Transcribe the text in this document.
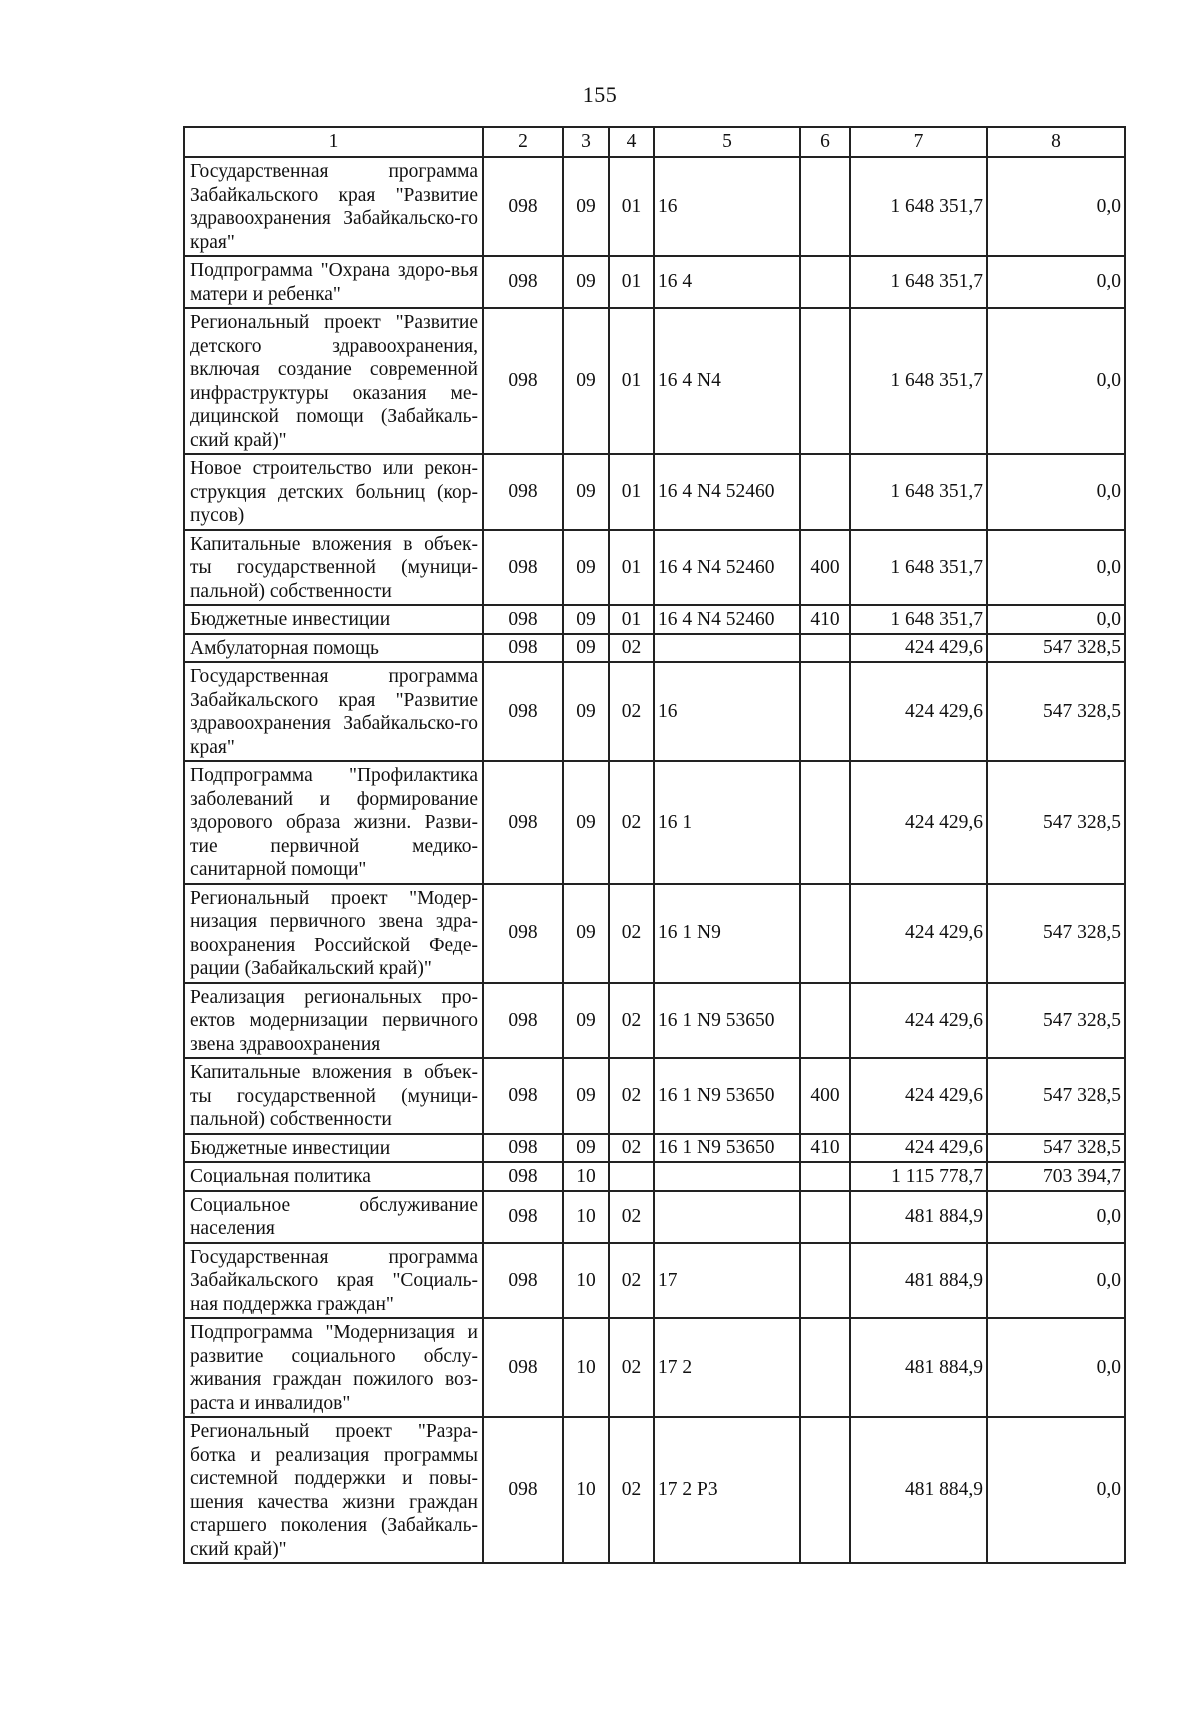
155
1	2	3	4	5	6	7	8
Государственная программа Забайкальского края "Развитие здравоохранения Забайкальско-го края"	098	09	01	16		1 648 351,7	0,0
Подпрограмма "Охрана здоро-вья матери и ребенка"	098	09	01	16 4		1 648 351,7	0,0
Региональный проект "Развитие детского здравоохранения, включая создание современной инфраструктуры оказания ме-дицинской помощи (Забайкаль-ский край)"	098	09	01	16 4 N4		1 648 351,7	0,0
Новое строительство или рекон-струкция детских больниц (кор-пусов)	098	09	01	16 4 N4 52460		1 648 351,7	0,0
Капитальные вложения в объек-ты государственной (муници-пальной) собственности	098	09	01	16 4 N4 52460	400	1 648 351,7	0,0
Бюджетные инвестиции	098	09	01	16 4 N4 52460	410	1 648 351,7	0,0
Амбулаторная помощь	098	09	02			424 429,6	547 328,5
Государственная программа Забайкальского края "Развитие здравоохранения Забайкальско-го края"	098	09	02	16		424 429,6	547 328,5
Подпрограмма "Профилактика заболеваний и формирование здорового образа жизни. Разви-тие первичной медико-санитарной помощи"	098	09	02	16 1		424 429,6	547 328,5
Региональный проект "Модер-низация первичного звена здра-воохранения Российской Феде-рации (Забайкальский край)"	098	09	02	16 1 N9		424 429,6	547 328,5
Реализация региональных про-ектов модернизации первичного звена здравоохранения	098	09	02	16 1 N9 53650		424 429,6	547 328,5
Капитальные вложения в объек-ты государственной (муници-пальной) собственности	098	09	02	16 1 N9 53650	400	424 429,6	547 328,5
Бюджетные инвестиции	098	09	02	16 1 N9 53650	410	424 429,6	547 328,5
Социальная политика	098	10				1 115 778,7	703 394,7
Социальное обслуживание населения	098	10	02			481 884,9	0,0
Государственная программа Забайкальского края "Социаль-ная поддержка граждан"	098	10	02	17		481 884,9	0,0
Подпрограмма "Модернизация и развитие социального обслу-живания граждан пожилого воз-раста и инвалидов"	098	10	02	17 2		481 884,9	0,0
Региональный проект "Разра-ботка и реализация программы системной поддержки и повы-шения качества жизни граждан старшего поколения (Забайкаль-ский край)"	098	10	02	17 2 P3		481 884,9	0,0
